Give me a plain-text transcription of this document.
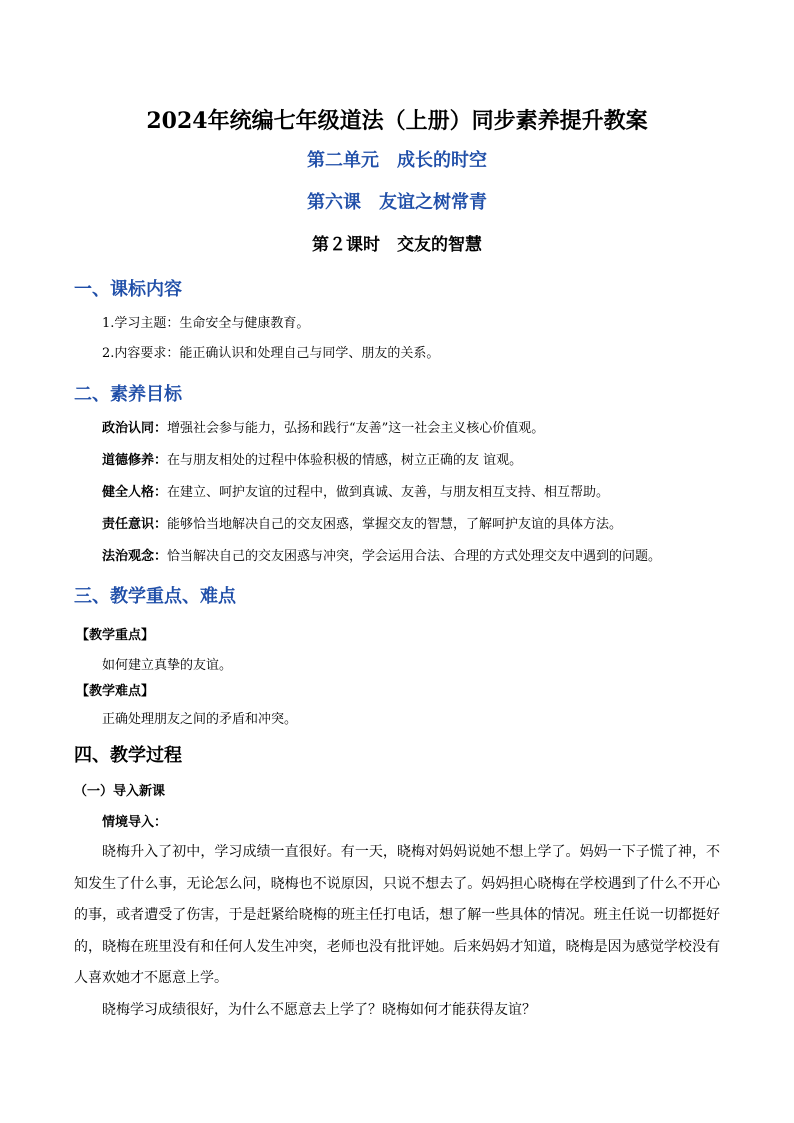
2024年统编七年级道法（上册）同步素养提升教案
第二单元　成长的时空
第六课　友谊之树常青
第２课时　交友的智慧
一、课标内容
1.学习主题：生命安全与健康教育。
2.内容要求：能正确认识和处理自己与同学、朋友的关系。
二、素养目标
政治认同：增强社会参与能力，弘扬和践行“友善”这一社会主义核心价值观。
道德修养：在与朋友相处的过程中体验积极的情感，树立正确的友 谊观。
健全人格：在建立、呵护友谊的过程中，做到真诚、友善，与朋友相互支持、相互帮助。
责任意识：能够恰当地解决自己的交友困惑，掌握交友的智慧，了解呵护友谊的具体方法。
法治观念：恰当解决自己的交友困惑与冲突，学会运用合法、合理的方式处理交友中遇到的问题。
三、教学重点、难点
【教学重点】
如何建立真挚的友谊。
【教学难点】
正确处理朋友之间的矛盾和冲突。
四、教学过程
（一）导入新课
情境导入：
晓梅升入了初中，学习成绩一直很好。有一天，晓梅对妈妈说她不想上学了。妈妈一下子慌了神，不知发生了什么事，无论怎么问，晓梅也不说原因，只说不想去了。妈妈担心晓梅在学校遇到了什么不开心的事，或者遭受了伤害，于是赶紧给晓梅的班主任打电话，想了解一些具体的情况。班主任说一切都挺好的，晓梅在班里没有和任何人发生冲突，老师也没有批评她。后来妈妈才知道，晓梅是因为感觉学校没有人喜欢她才不愿意上学。
晓梅学习成绩很好，为什么不愿意去上学了？晓梅如何才能获得友谊？
